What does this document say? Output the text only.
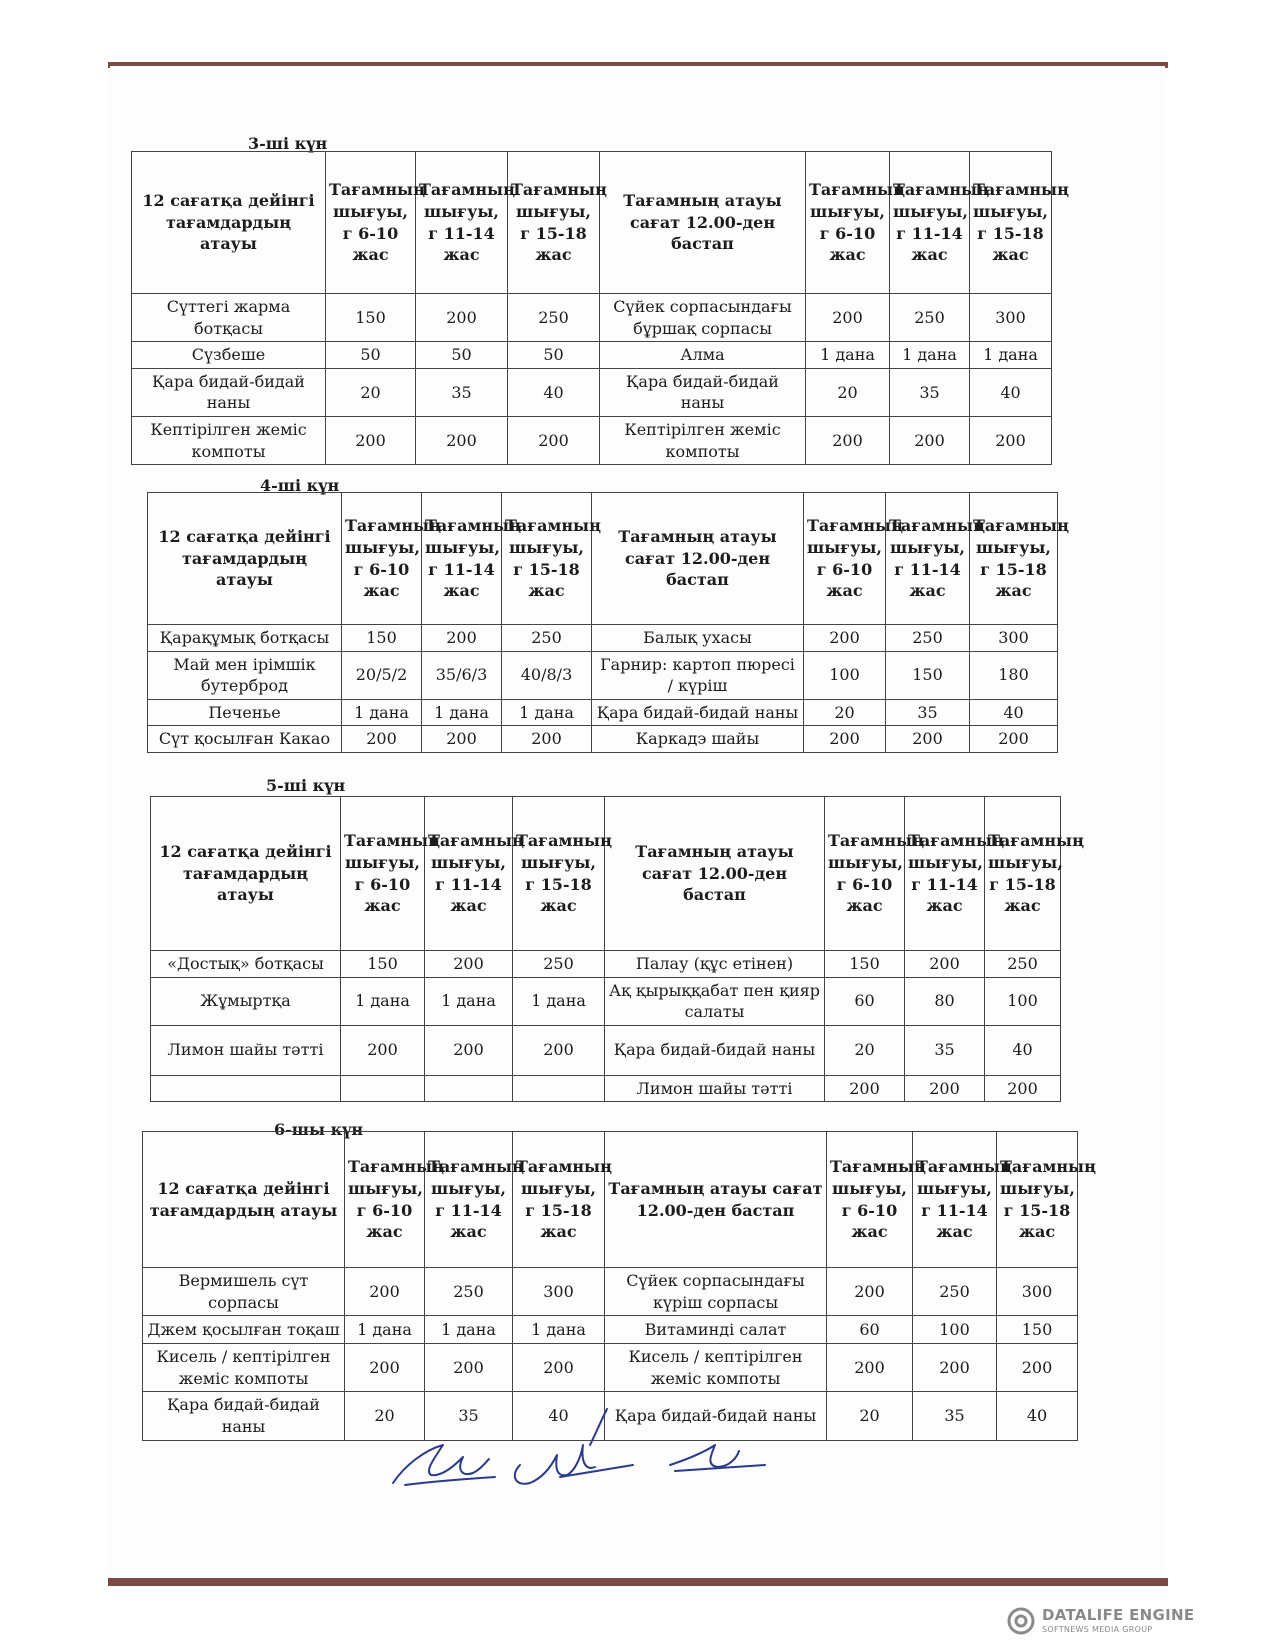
3-ші күн
12 сағатқа дейінгі тағамдардың атауы	Тағамның шығуы, г 6-10 жас	Тағамның шығуы, г 11-14 жас	Тағамның шығуы, г 15-18 жас	Тағамның атауы сағат 12.00-ден бастап	Тағамның шығуы, г 6-10 жас	Тағамның шығуы, г 11-14 жас	Тағамның шығуы, г 15-18 жас
Сүттегі жарма ботқасы	150	200	250	Сүйек сорпасындағы бұршақ сорпасы	200	250	300
Сүзбеше	50	50	50	Алма	1 дана	1 дана	1 дана
Қара бидай-бидай наны	20	35	40	Қара бидай-бидай наны	20	35	40
Кептірілген жеміс компоты	200	200	200	Кептірілген жеміс компоты	200	200	200
4-ші күн
12 сағатқа дейінгі тағамдардың атауы	Тағамның шығуы, г 6-10 жас	Тағамның шығуы, г 11-14 жас	Тағамның шығуы, г 15-18 жас	Тағамның атауы сағат 12.00-ден бастап	Тағамның шығуы, г 6-10 жас	Тағамның шығуы, г 11-14 жас	Тағамның шығуы, г 15-18 жас
Қарақұмық ботқасы	150	200	250	Балық ухасы	200	250	300
Май мен ірімшік бутерброд	20/5/2	35/6/3	40/8/3	Гарнир: картоп пюресі / күріш	100	150	180
Печенье	1 дана	1 дана	1 дана	Қара бидай-бидай наны	20	35	40
Сүт қосылған Какао	200	200	200	Каркадэ шайы	200	200	200
5-ші күн
12 сағатқа дейінгі тағамдардың атауы	Тағамның шығуы, г 6-10 жас	Тағамның шығуы, г 11-14 жас	Тағамның шығуы, г 15-18 жас	Тағамның атауы сағат 12.00-ден бастап	Тағамның шығуы, г 6-10 жас	Тағамның шығуы, г 11-14 жас	Тағамның шығуы, г 15-18 жас
«Достық» ботқасы	150	200	250	Палау (құс етінен)	150	200	250
Жұмыртқа	1 дана	1 дана	1 дана	Ақ қырыққабат пен қияр салаты	60	80	100
Лимон шайы тәтті	200	200	200	Қара бидай-бидай наны	20	35	40
				Лимон шайы тәтті	200	200	200
6-шы күн
12 сағатқа дейінгі тағамдардың атауы	Тағамның шығуы, г 6-10 жас	Тағамның шығуы, г 11-14 жас	Тағамның шығуы, г 15-18 жас	Тағамның атауы сағат 12.00-ден бастап	Тағамның шығуы, г 6-10 жас	Тағамның шығуы, г 11-14 жас	Тағамның шығуы, г 15-18 жас
Вермишель сүт сорпасы	200	250	300	Сүйек сорпасындағы күріш сорпасы	200	250	300
Джем қосылған тоқаш	1 дана	1 дана	1 дана	Витаминді салат	60	100	150
Кисель / кептірілген жеміс компоты	200	200	200	Кисель / кептірілген жеміс компоты	200	200	200
Қара бидай-бидай наны	20	35	40	Қара бидай-бидай наны	20	35	40
DATALIFE ENGINE
SOFTNEWS MEDIA GROUP
